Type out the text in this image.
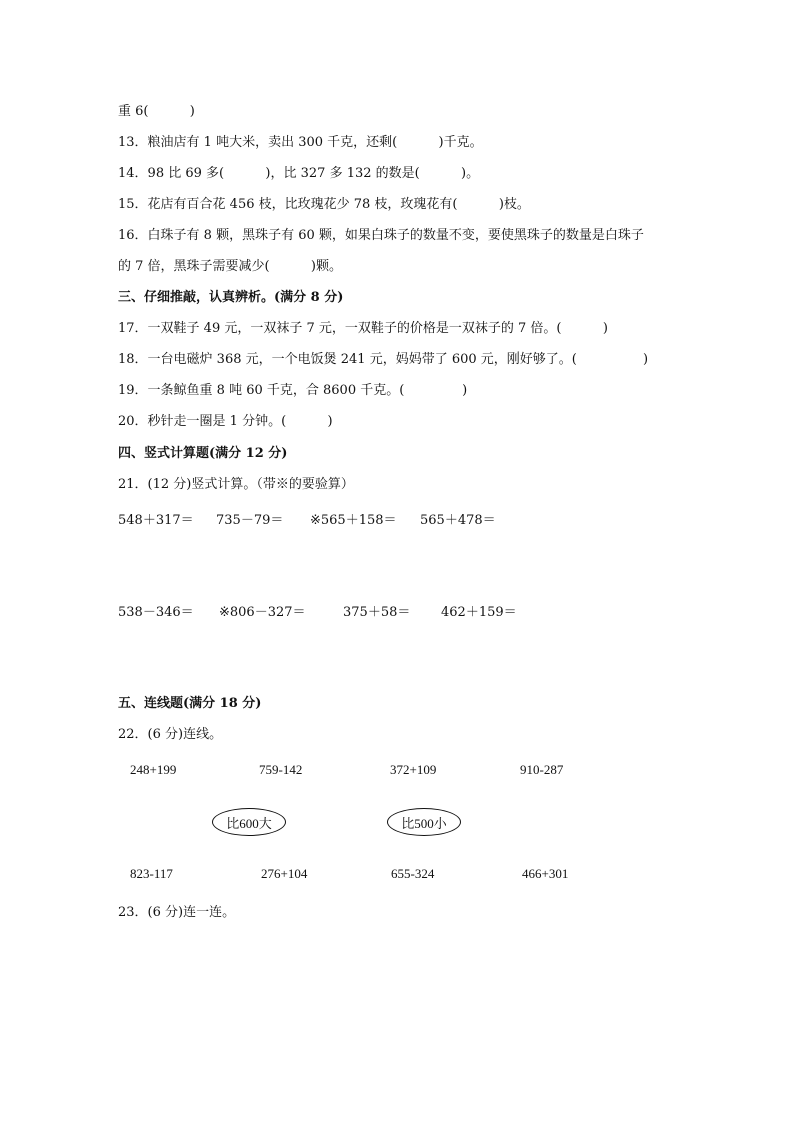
重 6(          )
13．粮油店有 1 吨大米，卖出 300 千克，还剩(          )千克。
14．98 比 69 多(          )，比 327 多 132 的数是(          )。
15．花店有百合花 456 枝，比玫瑰花少 78 枝，玫瑰花有(          )枝。
16．白珠子有 8 颗，黑珠子有 60 颗，如果白珠子的数量不变，要使黑珠子的数量是白珠子
的 7 倍，黑珠子需要减少(          )颗。
三、仔细推敲，认真辨析。(满分 8 分)
17．一双鞋子 49 元，一双袜子 7 元，一双鞋子的价格是一双袜子的 7 倍。(          )
18．一台电磁炉 368 元，一个电饭煲 241 元，妈妈带了 600 元，刚好够了。(                )
19．一条鲸鱼重 8 吨 60 千克，合 8600 千克。(              )
20．秒针走一圈是 1 分钟。(          )
四、竖式计算题(满分 12 分)
21．(12 分)竖式计算。（带※的要验算）
548＋317＝ 735－79＝ ※565＋158＝ 565＋478＝
538－346＝ ※806－327＝	375＋58＝ 462＋159＝
五、连线题(满分 18 分)
22．(6 分)连线。
248+199	759-142	372+109	910-287
比600大	比500小
823-117	276+104	655-324	466+301
23．(6 分)连一连。
